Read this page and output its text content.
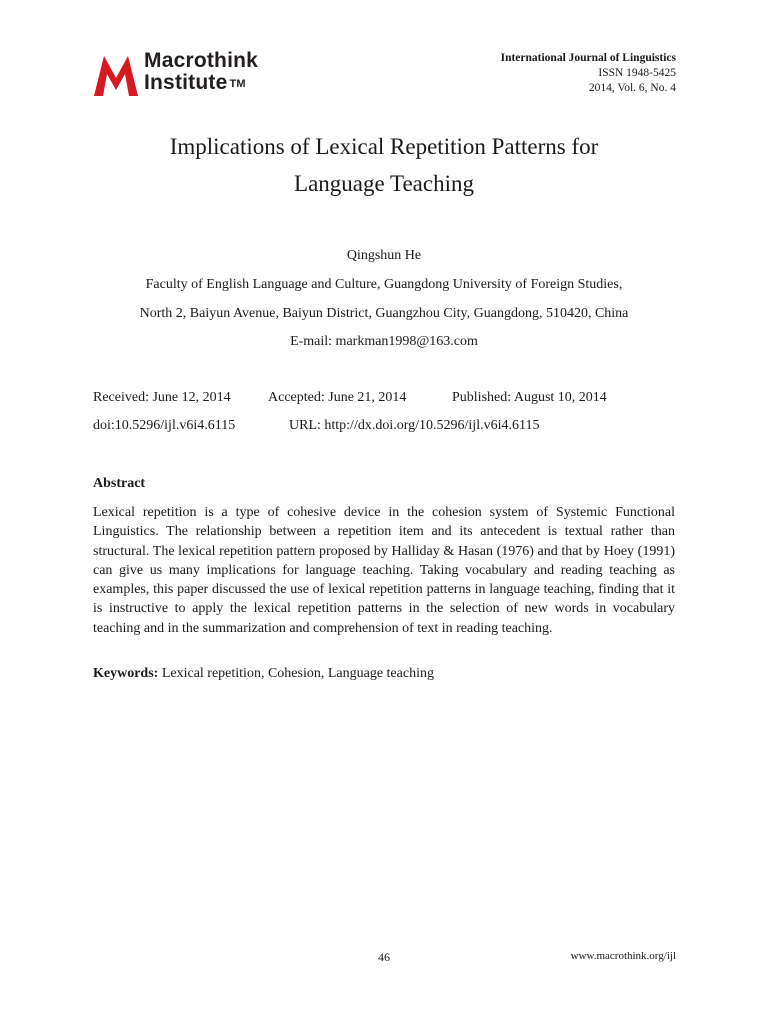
Macrothink
Institute ™
International Journal of Linguistics
ISSN 1948-5425
2014, Vol. 6, No. 4
Implications of Lexical Repetition Patterns for
Language Teaching
Qingshun He
Faculty of English Language and Culture, Guangdong University of Foreign Studies,
North 2, Baiyun Avenue, Baiyun District, Guangzhou City, Guangdong, 510420, China
E-mail: markman1998@163.com
Received: June 12, 2014	Accepted: June 21, 2014	Published: August 10, 2014
doi:10.5296/ijl.v6i4.6115	URL: http://dx.doi.org/10.5296/ijl.v6i4.6115
Abstract

Lexical repetition is a type of cohesive device in the cohesion system of Systemic Functional Linguistics. The relationship between a repetition item and its antecedent is textual rather than structural. The lexical repetition pattern proposed by Halliday & Hasan (1976) and that by Hoey (1991) can give us many implications for language teaching. Taking vocabulary and reading teaching as examples, this paper discussed the use of lexical repetition patterns in language teaching, finding that it is instructive to apply the lexical repetition patterns in the selection of new words in vocabulary teaching and in the summarization and comprehension of text in reading teaching.

Keywords: Lexical repetition, Cohesion, Language teaching
46	www.macrothink.org/ijl
